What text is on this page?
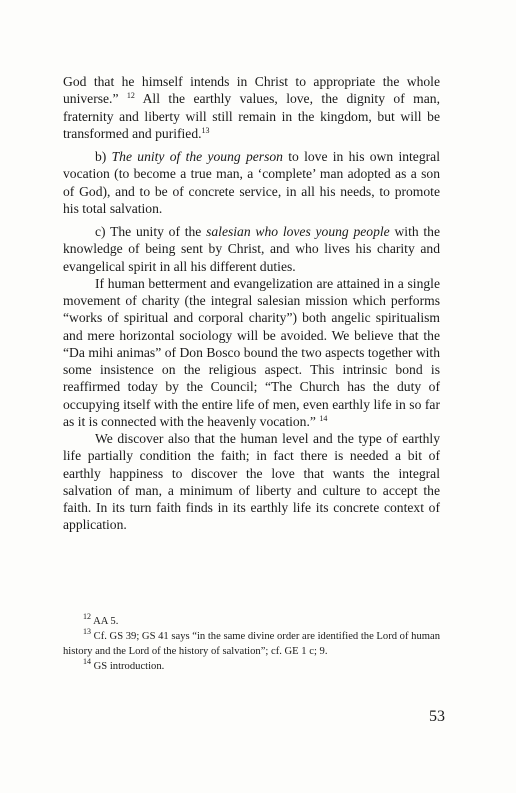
God that he himself intends in Christ to appropriate the whole universe.” $^{12}$ All the earthly values, love, the dignity of man, fraternity and liberty will still remain in the kingdom, but will be transformed and purified.$^{13}$

b) The unity of the young person to love in his own integral vocation (to become a true man, a ‘complete’ man adopted as a son of God), and to be of concrete service, in all his needs, to promote his total salvation.

c) The unity of the salesian who loves young people with the knowledge of being sent by Christ, and who lives his charity and evangelical spirit in all his different duties.

If human betterment and evangelization are attained in a single movement of charity (the integral salesian mission which performs “works of spiritual and corporal charity”) both angelic spiritualism and mere horizontal sociology will be avoided. We believe that the “Da mihi animas” of Don Bosco bound the two aspects together with some insistence on the religious aspect. This intrinsic bond is reaffirmed today by the Council; “The Church has the duty of occupying itself with the entire life of men, even earthly life in so far as it is connected with the heavenly vocation.” $^{14}$

We discover also that the human level and the type of earthly life partially condition the faith; in fact there is needed a bit of earthly happiness to discover the love that wants the integral salvation of man, a minimum of liberty and culture to accept the faith. In its turn faith finds in its earthly life its concrete context of application.

$^{12}$ AA 5.

$^{13}$ Cf. GS 39; GS 41 says “in the same divine order are identified the Lord of human history and the Lord of the history of salvation”; cf. GE 1 c; 9.

$^{14}$ GS introduction.

53
